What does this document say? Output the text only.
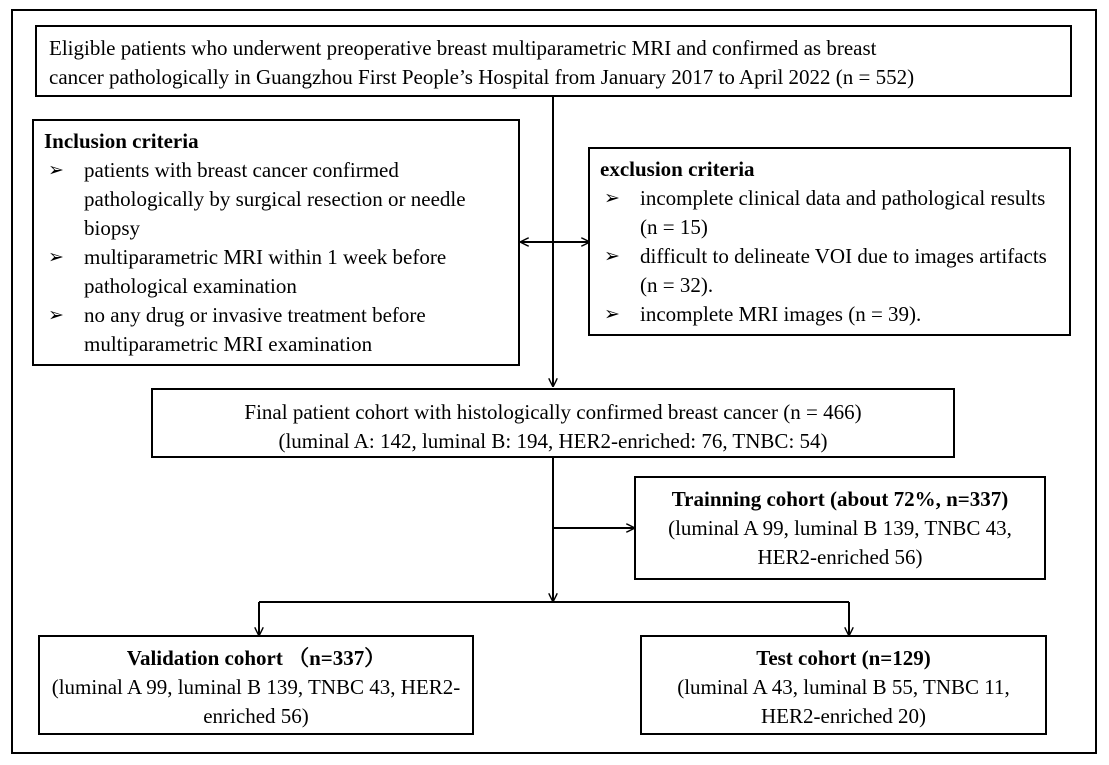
Eligible patients who underwent preoperative breast multiparametric MRI and confirmed as breast
cancer pathologically in Guangzhou First People’s Hospital from January 2017 to April 2022 (n = 552)
Inclusion criteria
➢ patients with breast cancer confirmed pathologically by surgical resection or needle biopsy
➢ multiparametric MRI within 1 week before pathological examination
➢ no any drug or invasive treatment before multiparametric MRI examination
exclusion criteria
➢ incomplete clinical data and pathological results (n = 15)
➢ difficult to delineate VOI due to images artifacts (n = 32).
➢ incomplete MRI images (n = 39).
Final patient cohort with histologically confirmed breast cancer (n = 466)
(luminal A: 142, luminal B: 194, HER2-enriched: 76, TNBC: 54)
Trainning cohort (about 72%, n=337)
(luminal A 99, luminal B 139, TNBC 43, HER2-enriched 56)
Validation cohort （n=337）
(luminal A 99, luminal B 139, TNBC 43, HER2-enriched 56)
Test cohort (n=129)
(luminal A 43, luminal B 55, TNBC 11, HER2-enriched 20)
